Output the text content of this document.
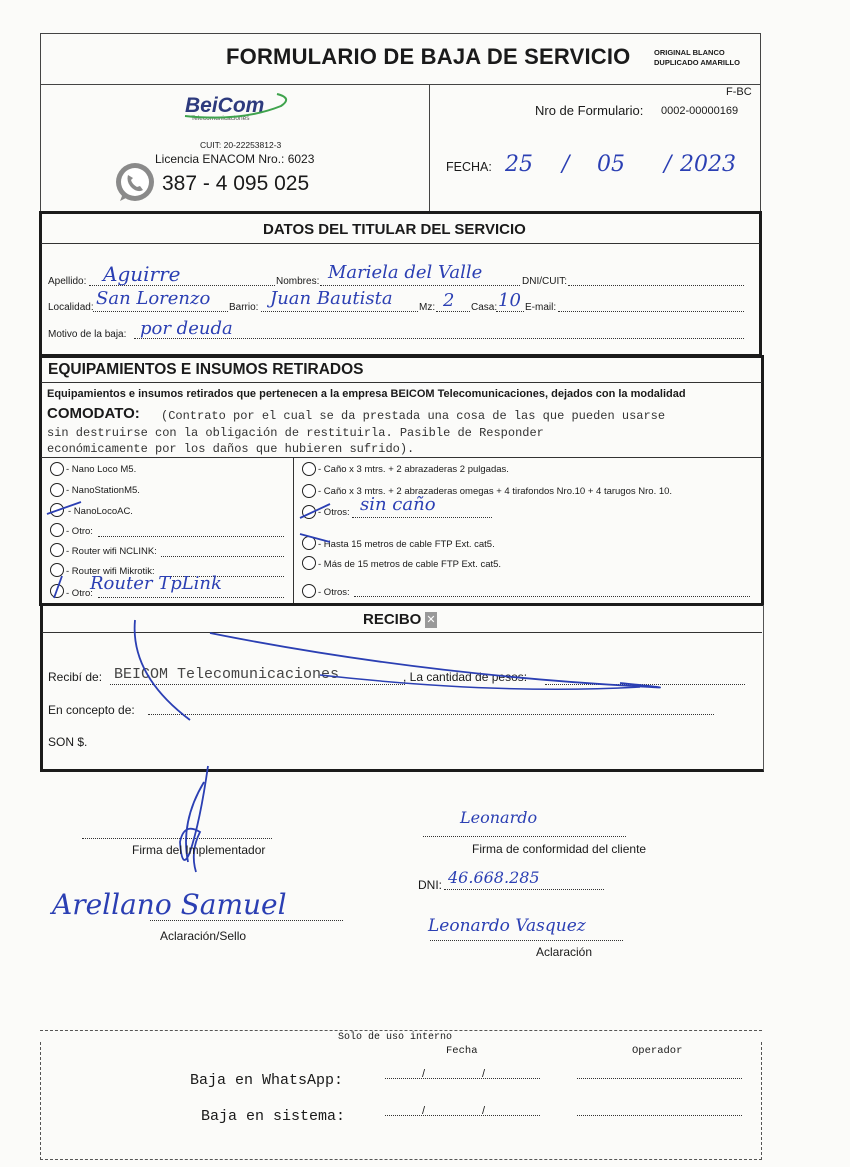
FORMULARIO DE BAJA DE SERVICIO	ORIGINAL BLANCO
DUPLICADO AMARILLO
BeiCom
Telecomunicaciones
CUIT: 20-22253812-3
Licencia ENACOM Nro.: 6023
387 - 4 095 025
F-BC
Nro de Formulario: 0002-00000169
FECHA: 25 / 05 / 2023
DATOS DEL TITULAR DEL SERVICIO
Apellido: Aguirre	Nombres: Mariela del Valle	DNI/CUIT:
Localidad: San Lorenzo Barrio: Juan Bautista	Mz: 2 Casa: 10 E-mail:
Motivo de la baja: por deuda
EQUIPAMIENTOS E INSUMOS RETIRADOS
Equipamientos e insumos retirados que pertenecen a la empresa BEICOM Telecomunicaciones, dejados con la modalidad
COMODATO: (Contrato por el cual se da prestada una cosa de las que pueden usarse
sin destruirse con la obligación de restituirla. Pasible de Responder
económicamente por los daños que hubieren sufrido).
- Nano Loco M5.
- NanoStationM5.
- NanoLocoAC.
- Otro:
- Router wifi NCLINK:
- Router wifi Mikrotik:
- Otro:
Router TpLink
- Caño x 3 mtrs. + 2 abrazaderas 2 pulgadas.
- Caño x 3 mtrs. + 2 abrazaderas omegas + 4 tirafondos Nro.10 + 4 tarugos Nro. 10.
- Otros: sin caño
- Hasta 15 metros de cable FTP Ext. cat5.
- Más de 15 metros de cable FTP Ext. cat5.
- Otros:
RECIBO ✕
Recibí de: BEICOM Telecomunicaciones	, La cantidad de pesos:
En concepto de:
SON $.
Firma del Implementador
Leonardo
Firma de conformidad del cliente
DNI: 46.668.285
Arellano Samuel
Aclaración/Sello	Leonardo Vasquez
Aclaración
Solo de uso interno
Fecha	Operador
Baja en WhatsApp:	/	/
Baja en sistema:	/	/
